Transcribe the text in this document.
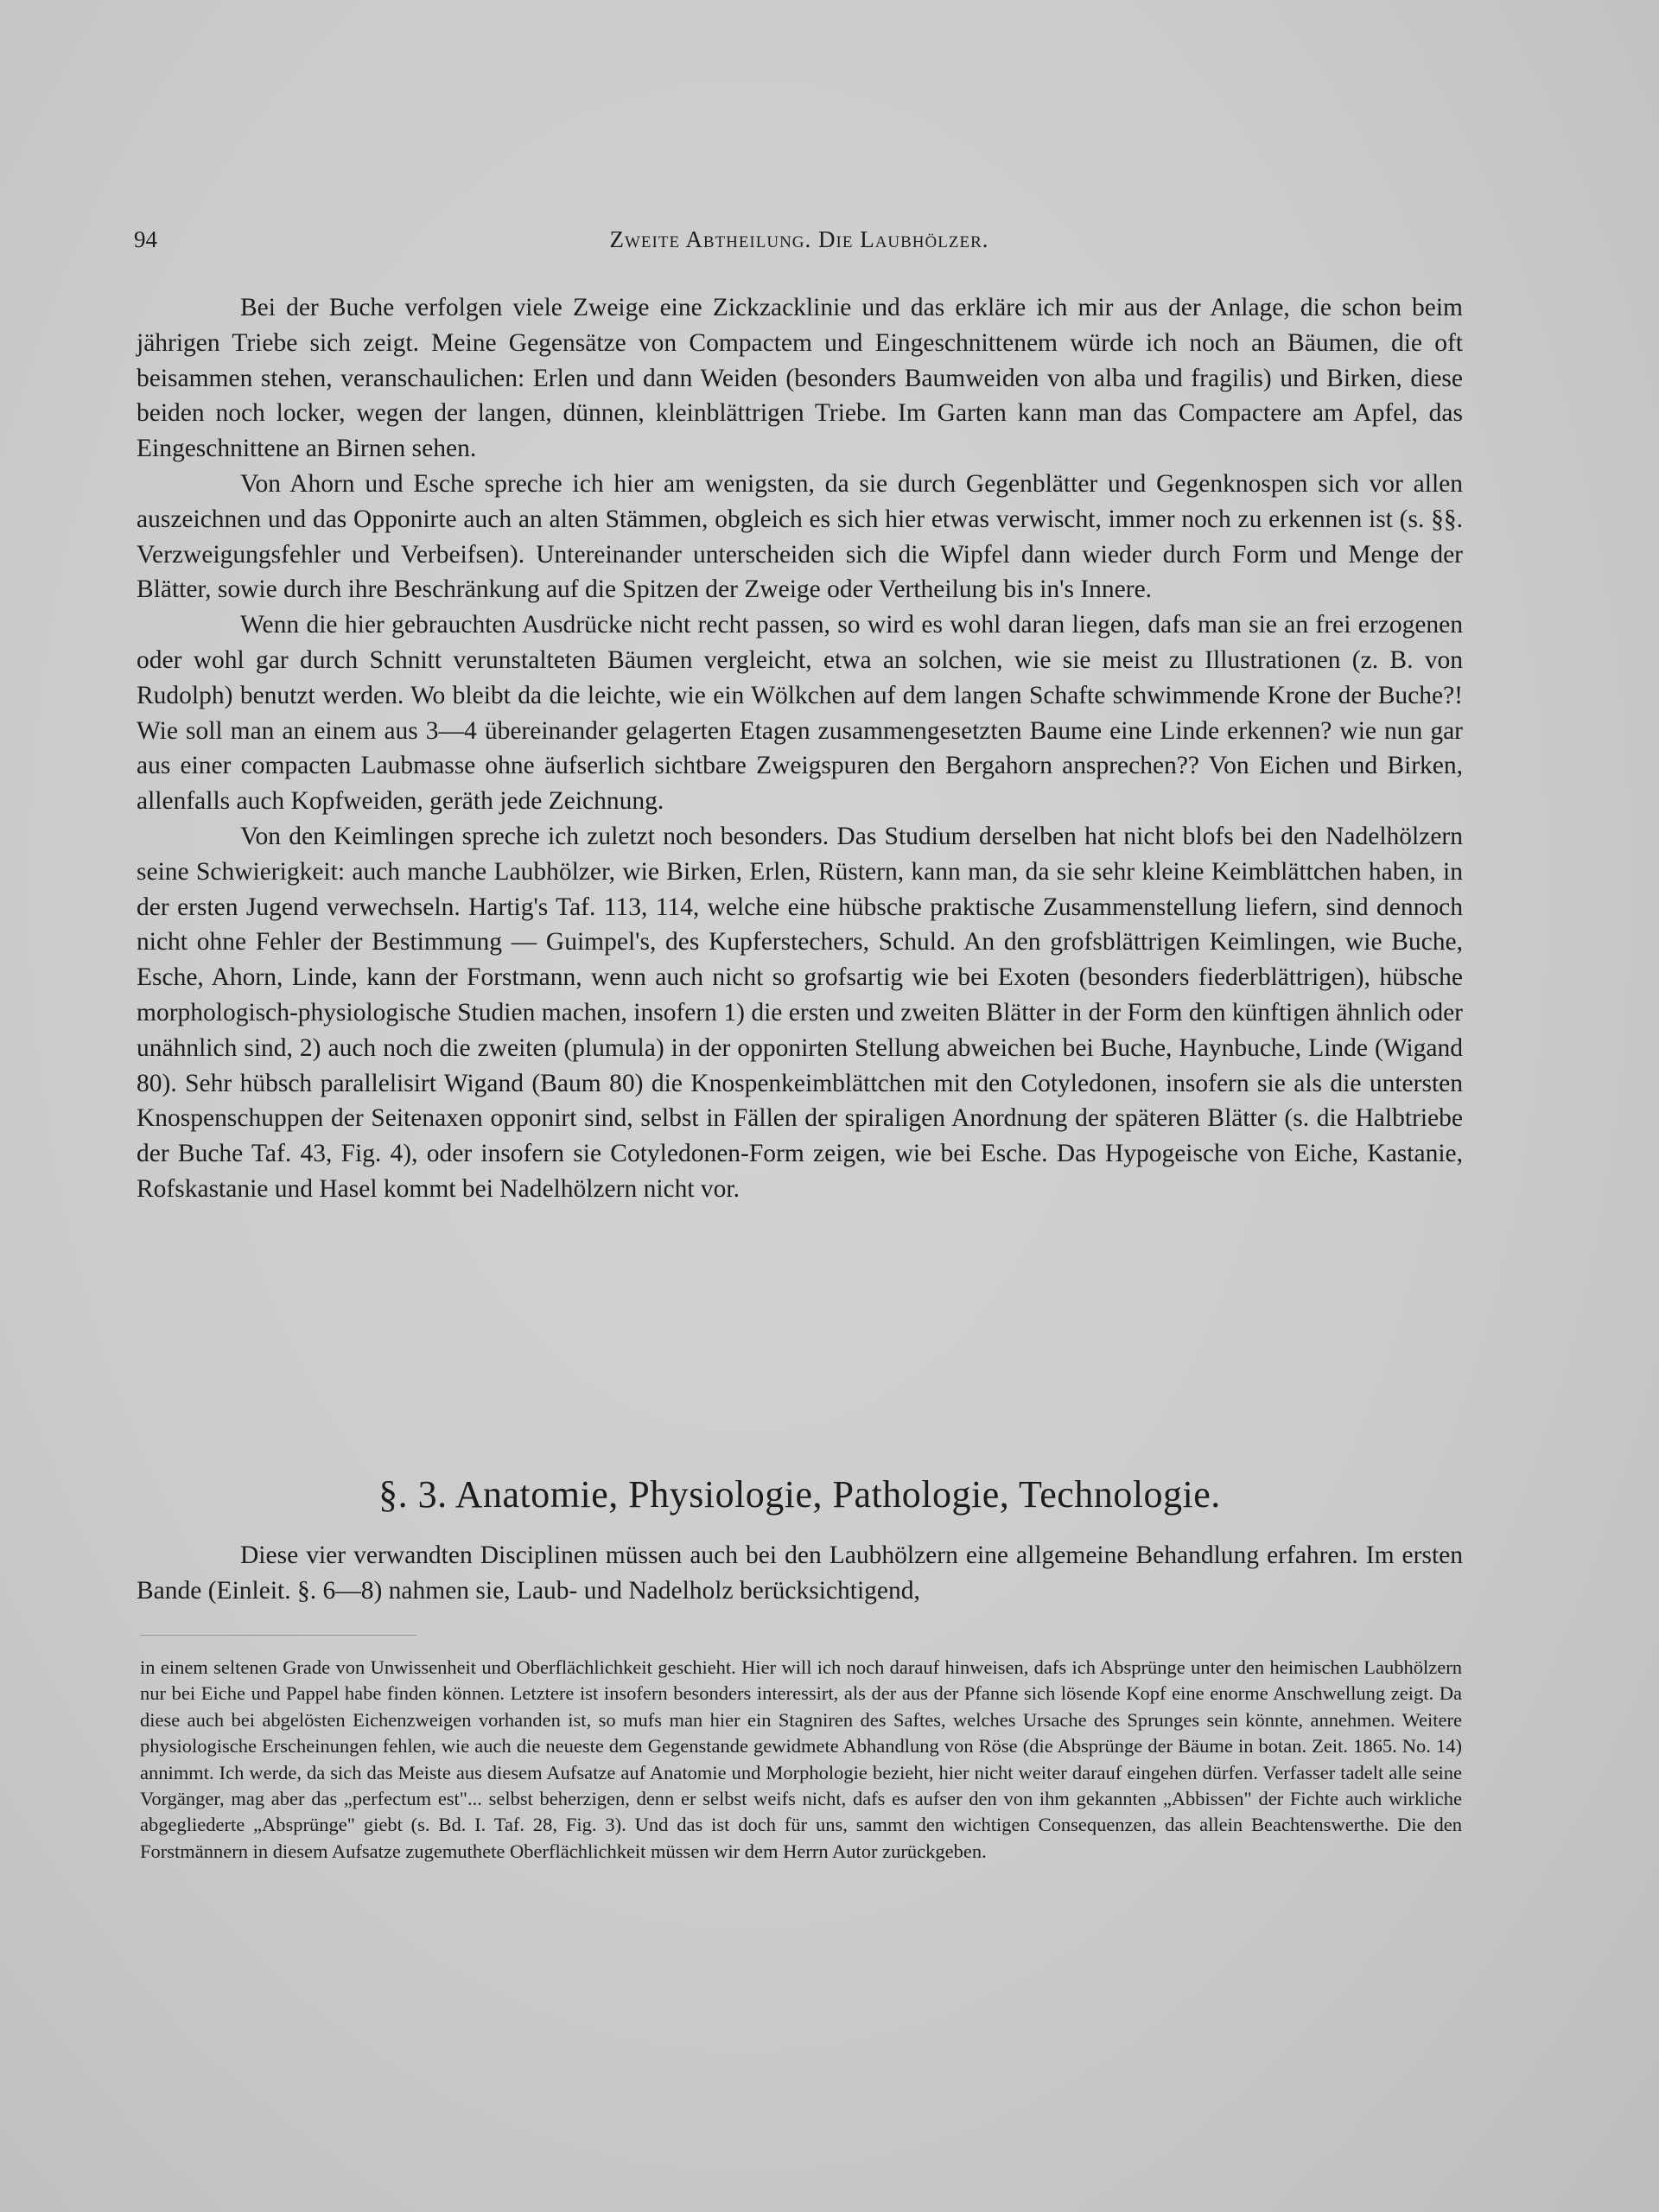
94	Zweite Abtheilung. Die Laubhölzer.

Bei der Buche verfolgen viele Zweige eine Zickzacklinie und das erkläre ich mir aus der Anlage, die schon beim jährigen Triebe sich zeigt. Meine Gegensätze von Compactem und Eingeschnittenem würde ich noch an Bäumen, die oft beisammen stehen, veranschaulichen: Erlen und dann Weiden (besonders Baumweiden von alba und fragilis) und Birken, diese beiden noch locker, wegen der langen, dünnen, kleinblättrigen Triebe. Im Garten kann man das Compactere am Apfel, das Eingeschnittene an Birnen sehen.

Von Ahorn und Esche spreche ich hier am wenigsten, da sie durch Gegenblätter und Gegenknospen sich vor allen auszeichnen und das Opponirte auch an alten Stämmen, obgleich es sich hier etwas verwischt, immer noch zu erkennen ist (s. §§. Verzweigungsfehler und Verbeifsen). Untereinander unterscheiden sich die Wipfel dann wieder durch Form und Menge der Blätter, sowie durch ihre Beschränkung auf die Spitzen der Zweige oder Vertheilung bis in's Innere.

Wenn die hier gebrauchten Ausdrücke nicht recht passen, so wird es wohl daran liegen, dafs man sie an frei erzogenen oder wohl gar durch Schnitt verunstalteten Bäumen vergleicht, etwa an solchen, wie sie meist zu Illustrationen (z. B. von Rudolph) benutzt werden. Wo bleibt da die leichte, wie ein Wölkchen auf dem langen Schafte schwimmende Krone der Buche?! Wie soll man an einem aus 3—4 übereinander gelagerten Etagen zusammengesetzten Baume eine Linde erkennen? wie nun gar aus einer compacten Laubmasse ohne äufserlich sichtbare Zweigspuren den Bergahorn ansprechen?? Von Eichen und Birken, allenfalls auch Kopfweiden, geräth jede Zeichnung.

Von den Keimlingen spreche ich zuletzt noch besonders. Das Studium derselben hat nicht blofs bei den Nadelhölzern seine Schwierigkeit: auch manche Laubhölzer, wie Birken, Erlen, Rüstern, kann man, da sie sehr kleine Keimblättchen haben, in der ersten Jugend verwechseln. Hartig's Taf. 113, 114, welche eine hübsche praktische Zusammenstellung liefern, sind dennoch nicht ohne Fehler der Bestimmung — Guimpel's, des Kupferstechers, Schuld. An den grofsblättrigen Keimlingen, wie Buche, Esche, Ahorn, Linde, kann der Forstmann, wenn auch nicht so grofsartig wie bei Exoten (besonders fiederblättrigen), hübsche morphologisch-physiologische Studien machen, insofern 1) die ersten und zweiten Blätter in der Form den künftigen ähnlich oder unähnlich sind, 2) auch noch die zweiten (plumula) in der opponirten Stellung abweichen bei Buche, Haynbuche, Linde (Wigand 80). Sehr hübsch parallelisirt Wigand (Baum 80) die Knospenkeimblättchen mit den Cotyledonen, insofern sie als die untersten Knospenschuppen der Seitenaxen opponirt sind, selbst in Fällen der spiraligen Anordnung der späteren Blätter (s. die Halbtriebe der Buche Taf. 43, Fig. 4), oder insofern sie Cotyledonen-Form zeigen, wie bei Esche. Das Hypogeische von Eiche, Kastanie, Rofskastanie und Hasel kommt bei Nadelhölzern nicht vor.

§. 3. Anatomie, Physiologie, Pathologie, Technologie.

Diese vier verwandten Disciplinen müssen auch bei den Laubhölzern eine allgemeine Behandlung erfahren. Im ersten Bande (Einleit. §. 6—8) nahmen sie, Laub- und Nadelholz berücksichtigend,

in einem seltenen Grade von Unwissenheit und Oberflächlichkeit geschieht. Hier will ich noch darauf hinweisen, dafs ich Absprünge unter den heimischen Laubhölzern nur bei Eiche und Pappel habe finden können. Letztere ist insofern besonders interessirt, als der aus der Pfanne sich lösende Kopf eine enorme Anschwellung zeigt. Da diese auch bei abgelösten Eichenzweigen vorhanden ist, so mufs man hier ein Stagniren des Saftes, welches Ursache des Sprunges sein könnte, annehmen. Weitere physiologische Erscheinungen fehlen, wie auch die neueste dem Gegenstande gewidmete Abhandlung von Röse (die Absprünge der Bäume in botan. Zeit. 1865. No. 14) annimmt. Ich werde, da sich das Meiste aus diesem Aufsatze auf Anatomie und Morphologie bezieht, hier nicht weiter darauf eingehen dürfen. Verfasser tadelt alle seine Vorgänger, mag aber das „perfectum est"... selbst beherzigen, denn er selbst weifs nicht, dafs es aufser den von ihm gekannten „Abbissen" der Fichte auch wirkliche abgegliederte „Absprünge" giebt (s. Bd. I. Taf. 28, Fig. 3). Und das ist doch für uns, sammt den wichtigen Consequenzen, das allein Beachtenswerthe. Die den Forstmännern in diesem Aufsatze zugemuthete Oberflächlichkeit müssen wir dem Herrn Autor zurückgeben.
